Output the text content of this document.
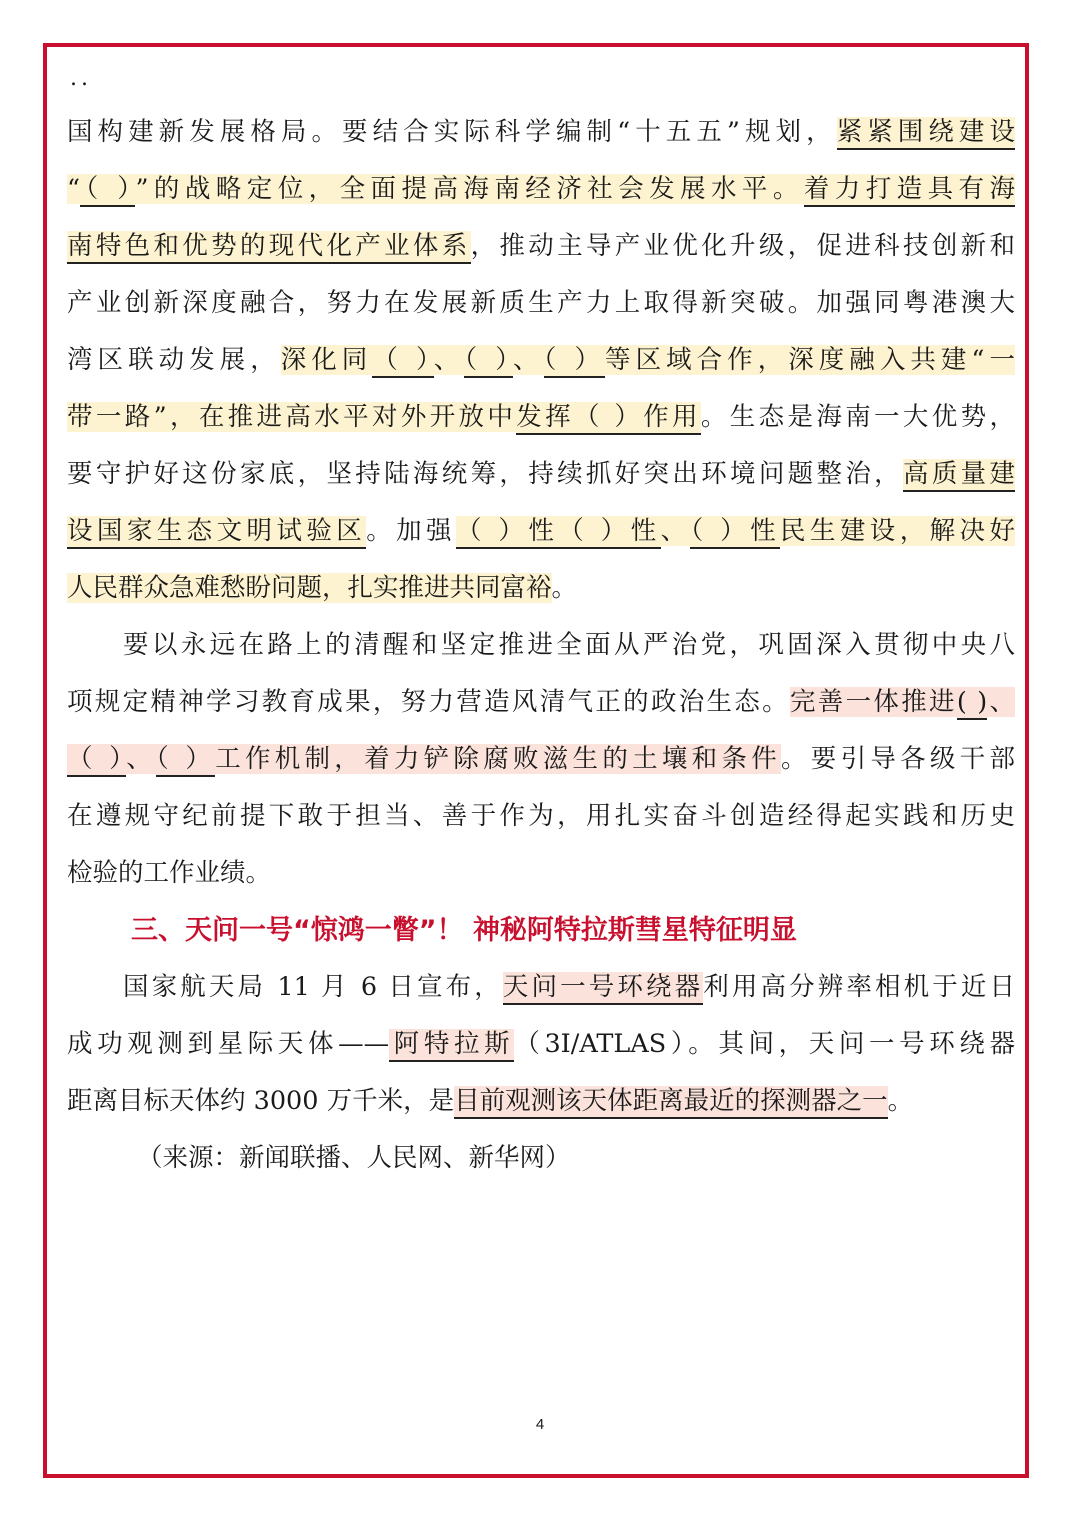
..
国构建新发展格局。要结合实际科学编制“十五五”规划，紧紧围绕建设
“（ ）”的战略定位，全面提高海南经济社会发展水平。着力打造具有海
南特色和优势的现代化产业体系，推动主导产业优化升级，促进科技创新和
产业创新深度融合，努力在发展新质生产力上取得新突破。加强同粤港澳大
湾区联动发展，深化同（ ）、（ ）、（ ）等区域合作，深度融入共建“一
带一路”，在推进高水平对外开放中发挥（ ）作用。生态是海南一大优势，
要守护好这份家底，坚持陆海统筹，持续抓好突出环境问题整治，高质量建
设国家生态文明试验区。加强（ ）性（ ）性、（ ）性民生建设，解决好
人民群众急难愁盼问题，扎实推进共同富裕。
要以永远在路上的清醒和坚定推进全面从严治党，巩固深入贯彻中央八
项规定精神学习教育成果，努力营造风清气正的政治生态。完善一体推进( )、
（ ）、（ ）工作机制，着力铲除腐败滋生的土壤和条件。要引导各级干部
在遵规守纪前提下敢于担当、善于作为，用扎实奋斗创造经得起实践和历史
检验的工作业绩。
三、天问一号“惊鸿一瞥”！ 神秘阿特拉斯彗星特征明显
国家航天局 11 月 6 日宣布，天问一号环绕器利用高分辨率相机于近日
成功观测到星际天体——阿特拉斯（3I/ATLAS）。其间，天问一号环绕器
距离目标天体约 3000 万千米，是目前观测该天体距离最近的探测器之一。
（来源：新闻联播、人民网、新华网）
4
